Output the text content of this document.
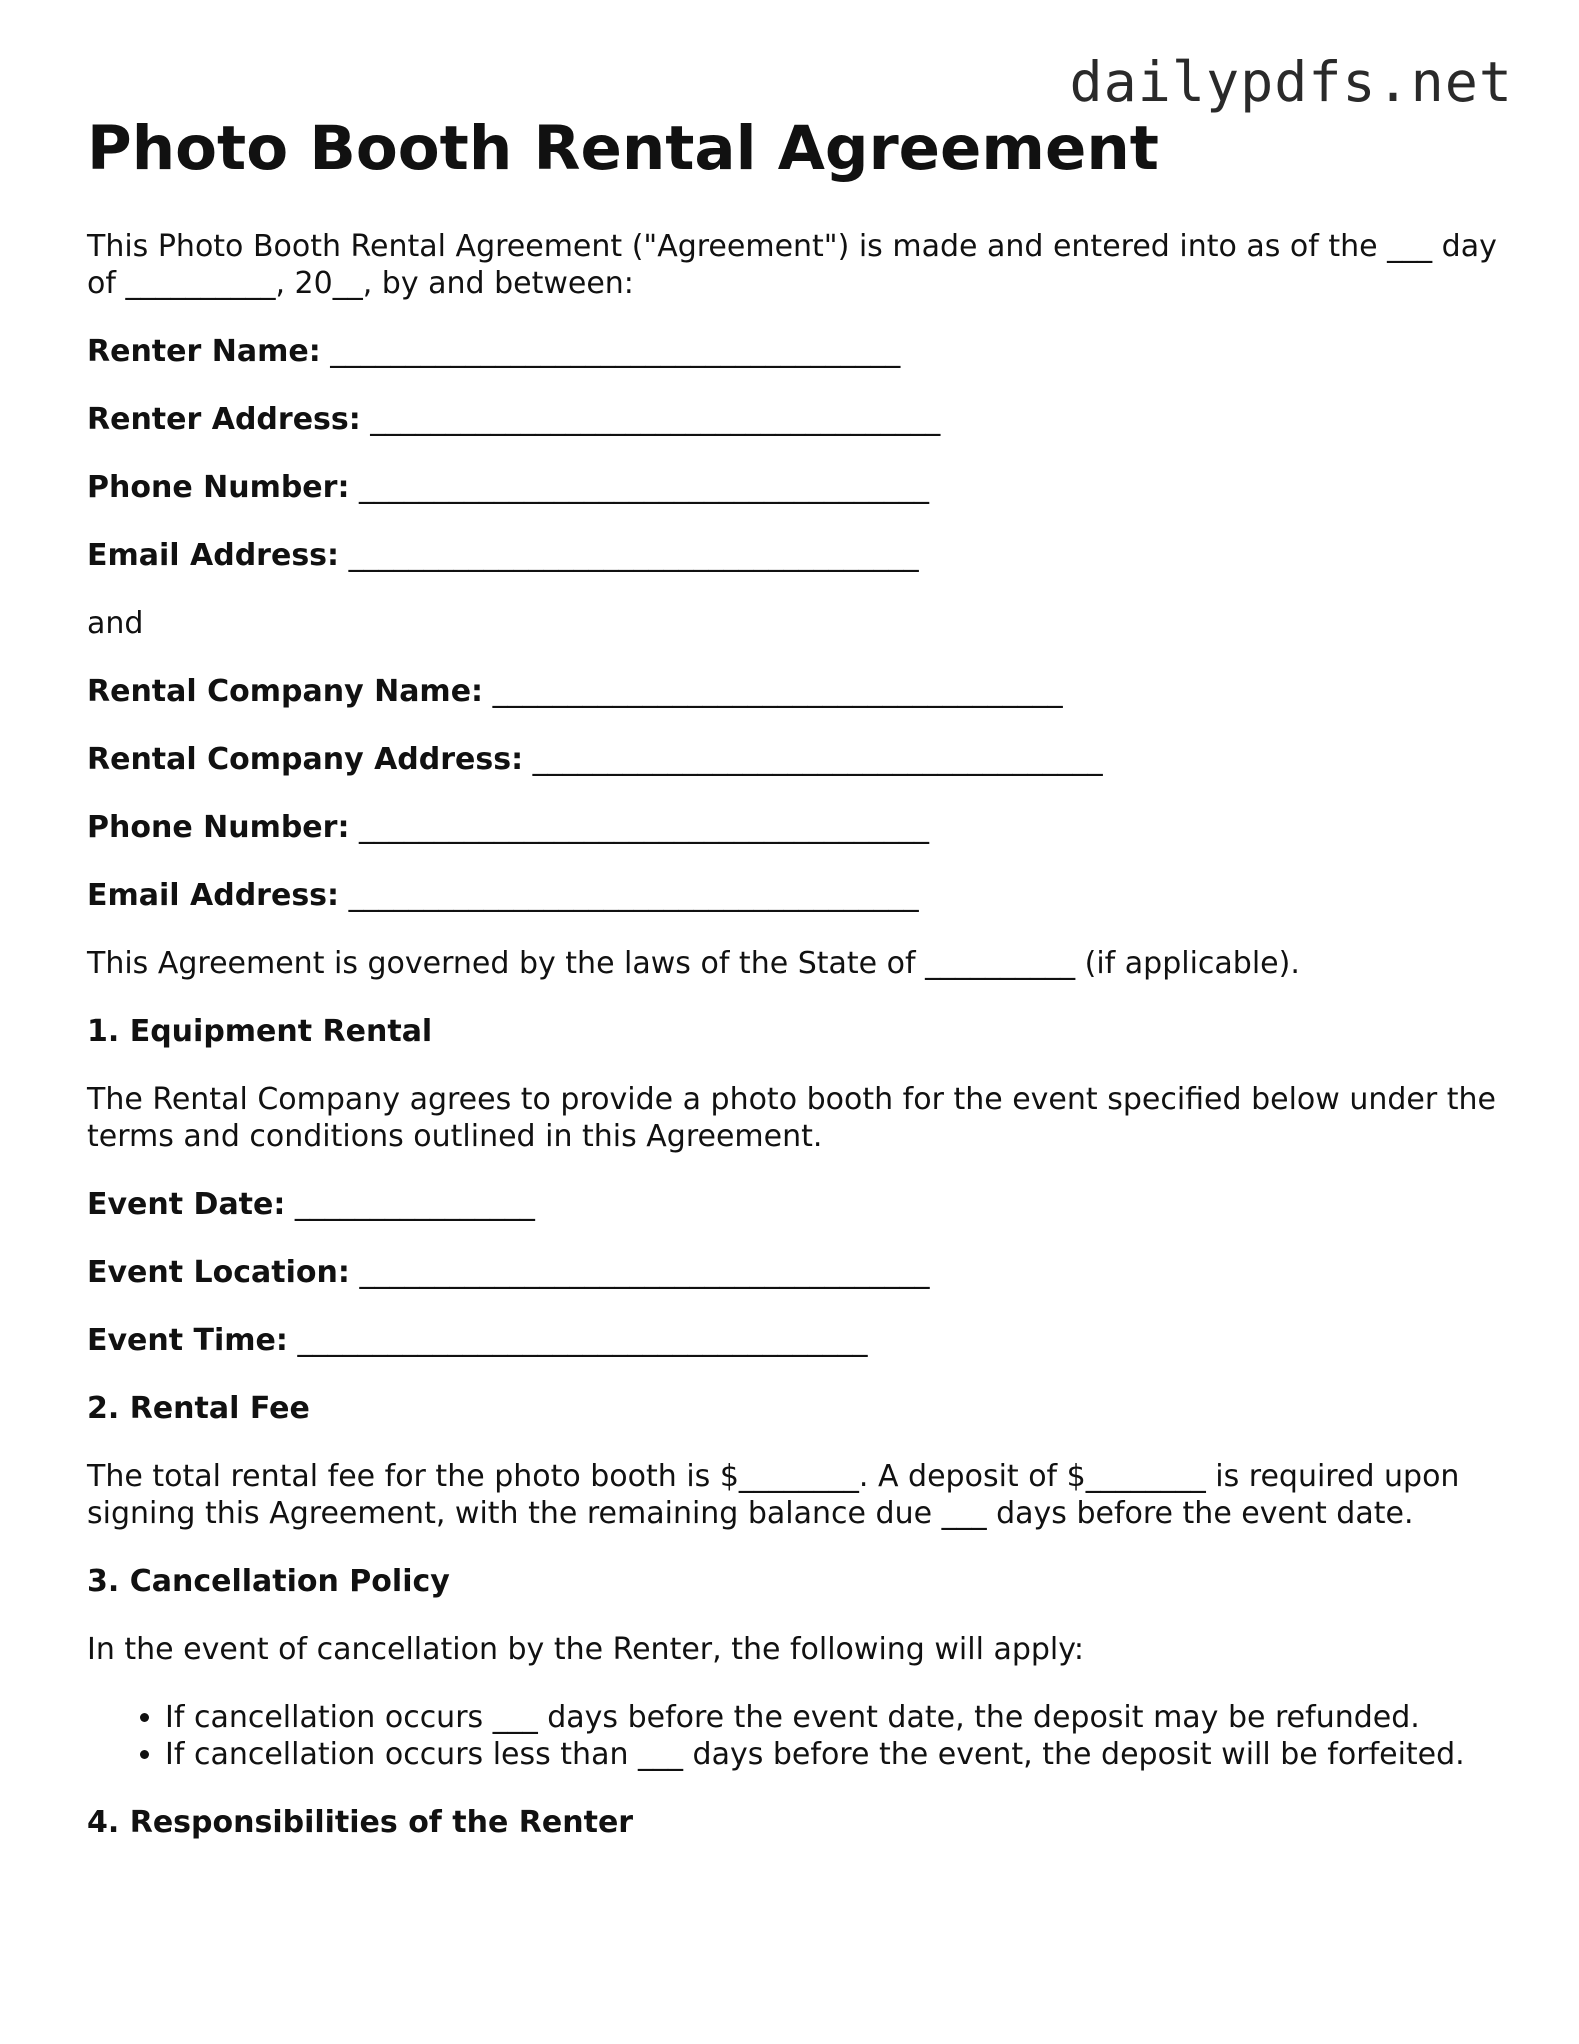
dailypdfs.net
Photo Booth Rental Agreement

This Photo Booth Rental Agreement ("Agreement") is made and entered into as of the ___ day of __________, 20__, by and between:

Renter Name: ______________________________________
Renter Address: ______________________________________
Phone Number: ______________________________________
Email Address: ______________________________________

and

Rental Company Name: ______________________________________
Rental Company Address: ______________________________________
Phone Number: ______________________________________
Email Address: ______________________________________

This Agreement is governed by the laws of the State of __________ (if applicable).

1. Equipment Rental

The Rental Company agrees to provide a photo booth for the event specified below under the terms and conditions outlined in this Agreement.

Event Date: ________________
Event Location: ______________________________________
Event Time: ______________________________________
2. Rental Fee

The total rental fee for the photo booth is $________. A deposit of $________ is required upon signing this Agreement, with the remaining balance due ___ days before the event date.

3. Cancellation Policy

In the event of cancellation by the Renter, the following will apply:

• If cancellation occurs ___ days before the event date, the deposit may be refunded.
• If cancellation occurs less than ___ days before the event, the deposit will be forfeited.
4. Responsibilities of the Renter
